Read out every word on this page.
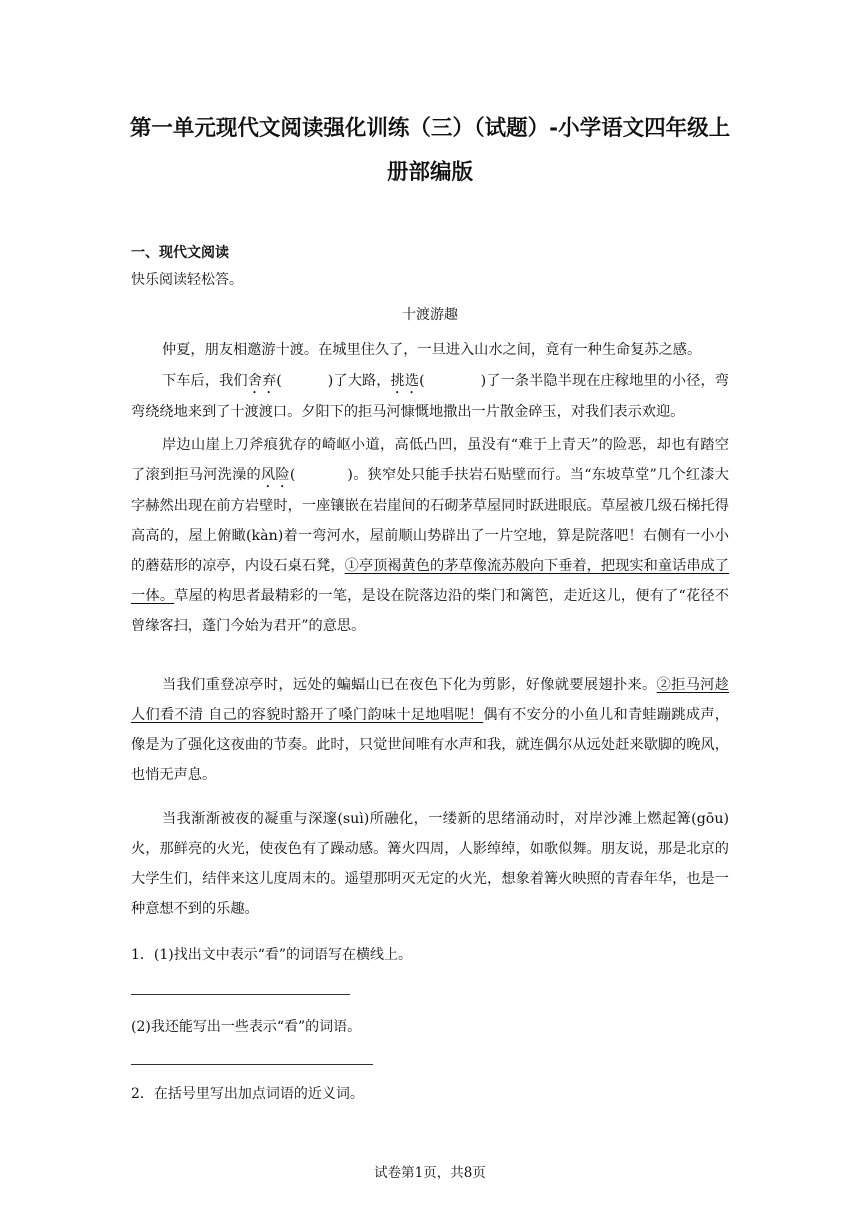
第一单元现代文阅读强化训练（三）（试题）-小学语文四年级上
册部编版
一、现代文阅读
快乐阅读轻松答。
十渡游趣

仲夏，朋友相邀游十渡。在城里住久了，一旦进入山水之间，竟有一种生命复苏之感。

下车后，我们舍弃(	)了大路，挑选(	)了一条半隐半现在庄稼地里的小径，弯弯绕绕地来到了十渡渡口。夕阳下的拒马河慷慨地撒出一片散金碎玉，对我们表示欢迎。

岸边山崖上刀斧痕犹存的崎岖小道，高低凸凹，虽没有“难于上青天”的险恶，却也有踏空了滚到拒马河洗澡的风险(	)。狭窄处只能手扶岩石贴壁而行。当“东坡草堂”几个红漆大字赫然出现在前方岩壁时，一座镶嵌在岩崖间的石砌茅草屋同时跃进眼底。草屋被几级石梯托得高高的，屋上俯瞰(kàn)着一弯河水，屋前顺山势辟出了一片空地，算是院落吧！右侧有一小小的蘑菇形的凉亭，内设石桌石凳，①亭顶褐黄色的茅草像流苏般向下垂着，把现实和童话串成了一体。草屋的构思者最精彩的一笔，是设在院落边沿的柴门和篱笆，走近这儿，便有了“花径不曾缘客扫，蓬门今始为君开”的意思。

当我们重登凉亭时，远处的蝙蝠山已在夜色下化为剪影，好像就要展翅扑来。②拒马河趁人们看不清 自己的容貌时豁开了嗓门韵味十足地唱呢！偶有不安分的小鱼儿和青蛙蹦跳成声，像是为了强化这夜曲的节奏。此时，只觉世间唯有水声和我，就连偶尔从远处赶来歇脚的晚风，也悄无声息。

当我渐渐被夜的凝重与深邃(suì)所融化，一缕新的思绪涌动时，对岸沙滩上燃起篝(gōu)火，那鲜亮的火光，使夜色有了躁动感。篝火四周，人影绰绰，如歌似舞。朋友说，那是北京的大学生们，结伴来这儿度周末的。遥望那明灭无定的火光，想象着篝火映照的青春年华，也是一种意想不到的乐趣。

1．(1)找出文中表示“看”的词语写在横线上。
(2)我还能写出一些表示“看”的词语。
2．在括号里写出加点词语的近义词。
试卷第1页，共8页
